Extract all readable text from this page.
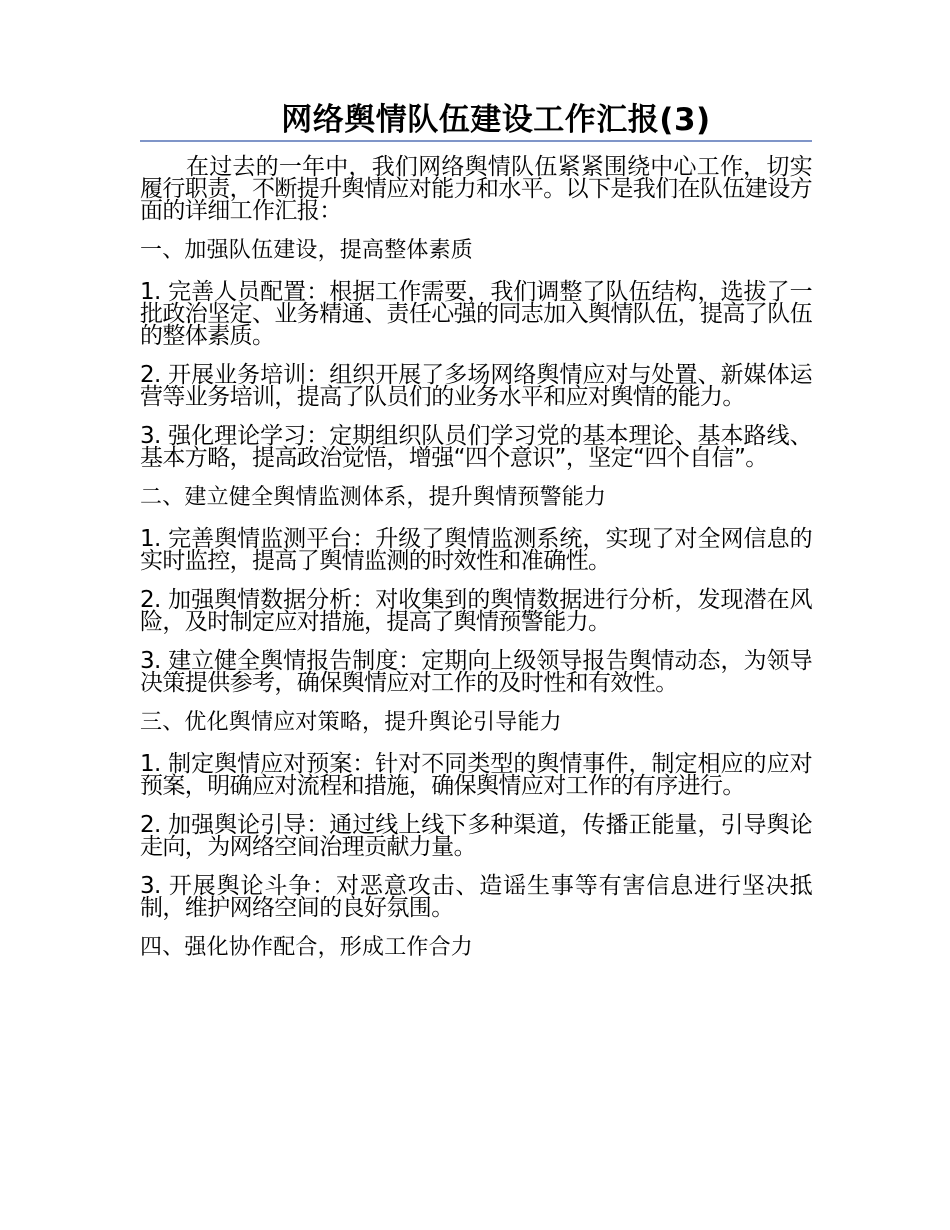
网络舆情队伍建设工作汇报(3)

在过去的一年中，我们网络舆情队伍紧紧围绕中心工作，切实履行职责，不断提升舆情应对能力和水平。以下是我们在队伍建设方面的详细工作汇报：

一、加强队伍建设，提高整体素质

1. 完善人员配置：根据工作需要，我们调整了队伍结构，选拔了一批政治坚定、业务精通、责任心强的同志加入舆情队伍，提高了队伍的整体素质。

2. 开展业务培训：组织开展了多场网络舆情应对与处置、新媒体运营等业务培训，提高了队员们的业务水平和应对舆情的能力。

3. 强化理论学习：定期组织队员们学习党的基本理论、基本路线、基本方略，提高政治觉悟，增强“四个意识”，坚定“四个自信”。

二、建立健全舆情监测体系，提升舆情预警能力

1. 完善舆情监测平台：升级了舆情监测系统，实现了对全网信息的实时监控，提高了舆情监测的时效性和准确性。

2. 加强舆情数据分析：对收集到的舆情数据进行分析，发现潜在风险，及时制定应对措施，提高了舆情预警能力。

3. 建立健全舆情报告制度：定期向上级领导报告舆情动态，为领导决策提供参考，确保舆情应对工作的及时性和有效性。

三、优化舆情应对策略，提升舆论引导能力

1. 制定舆情应对预案：针对不同类型的舆情事件，制定相应的应对预案，明确应对流程和措施，确保舆情应对工作的有序进行。

2. 加强舆论引导：通过线上线下多种渠道，传播正能量，引导舆论走向，为网络空间治理贡献力量。

3. 开展舆论斗争：对恶意攻击、造谣生事等有害信息进行坚决抵制，维护网络空间的良好氛围。

四、强化协作配合，形成工作合力
